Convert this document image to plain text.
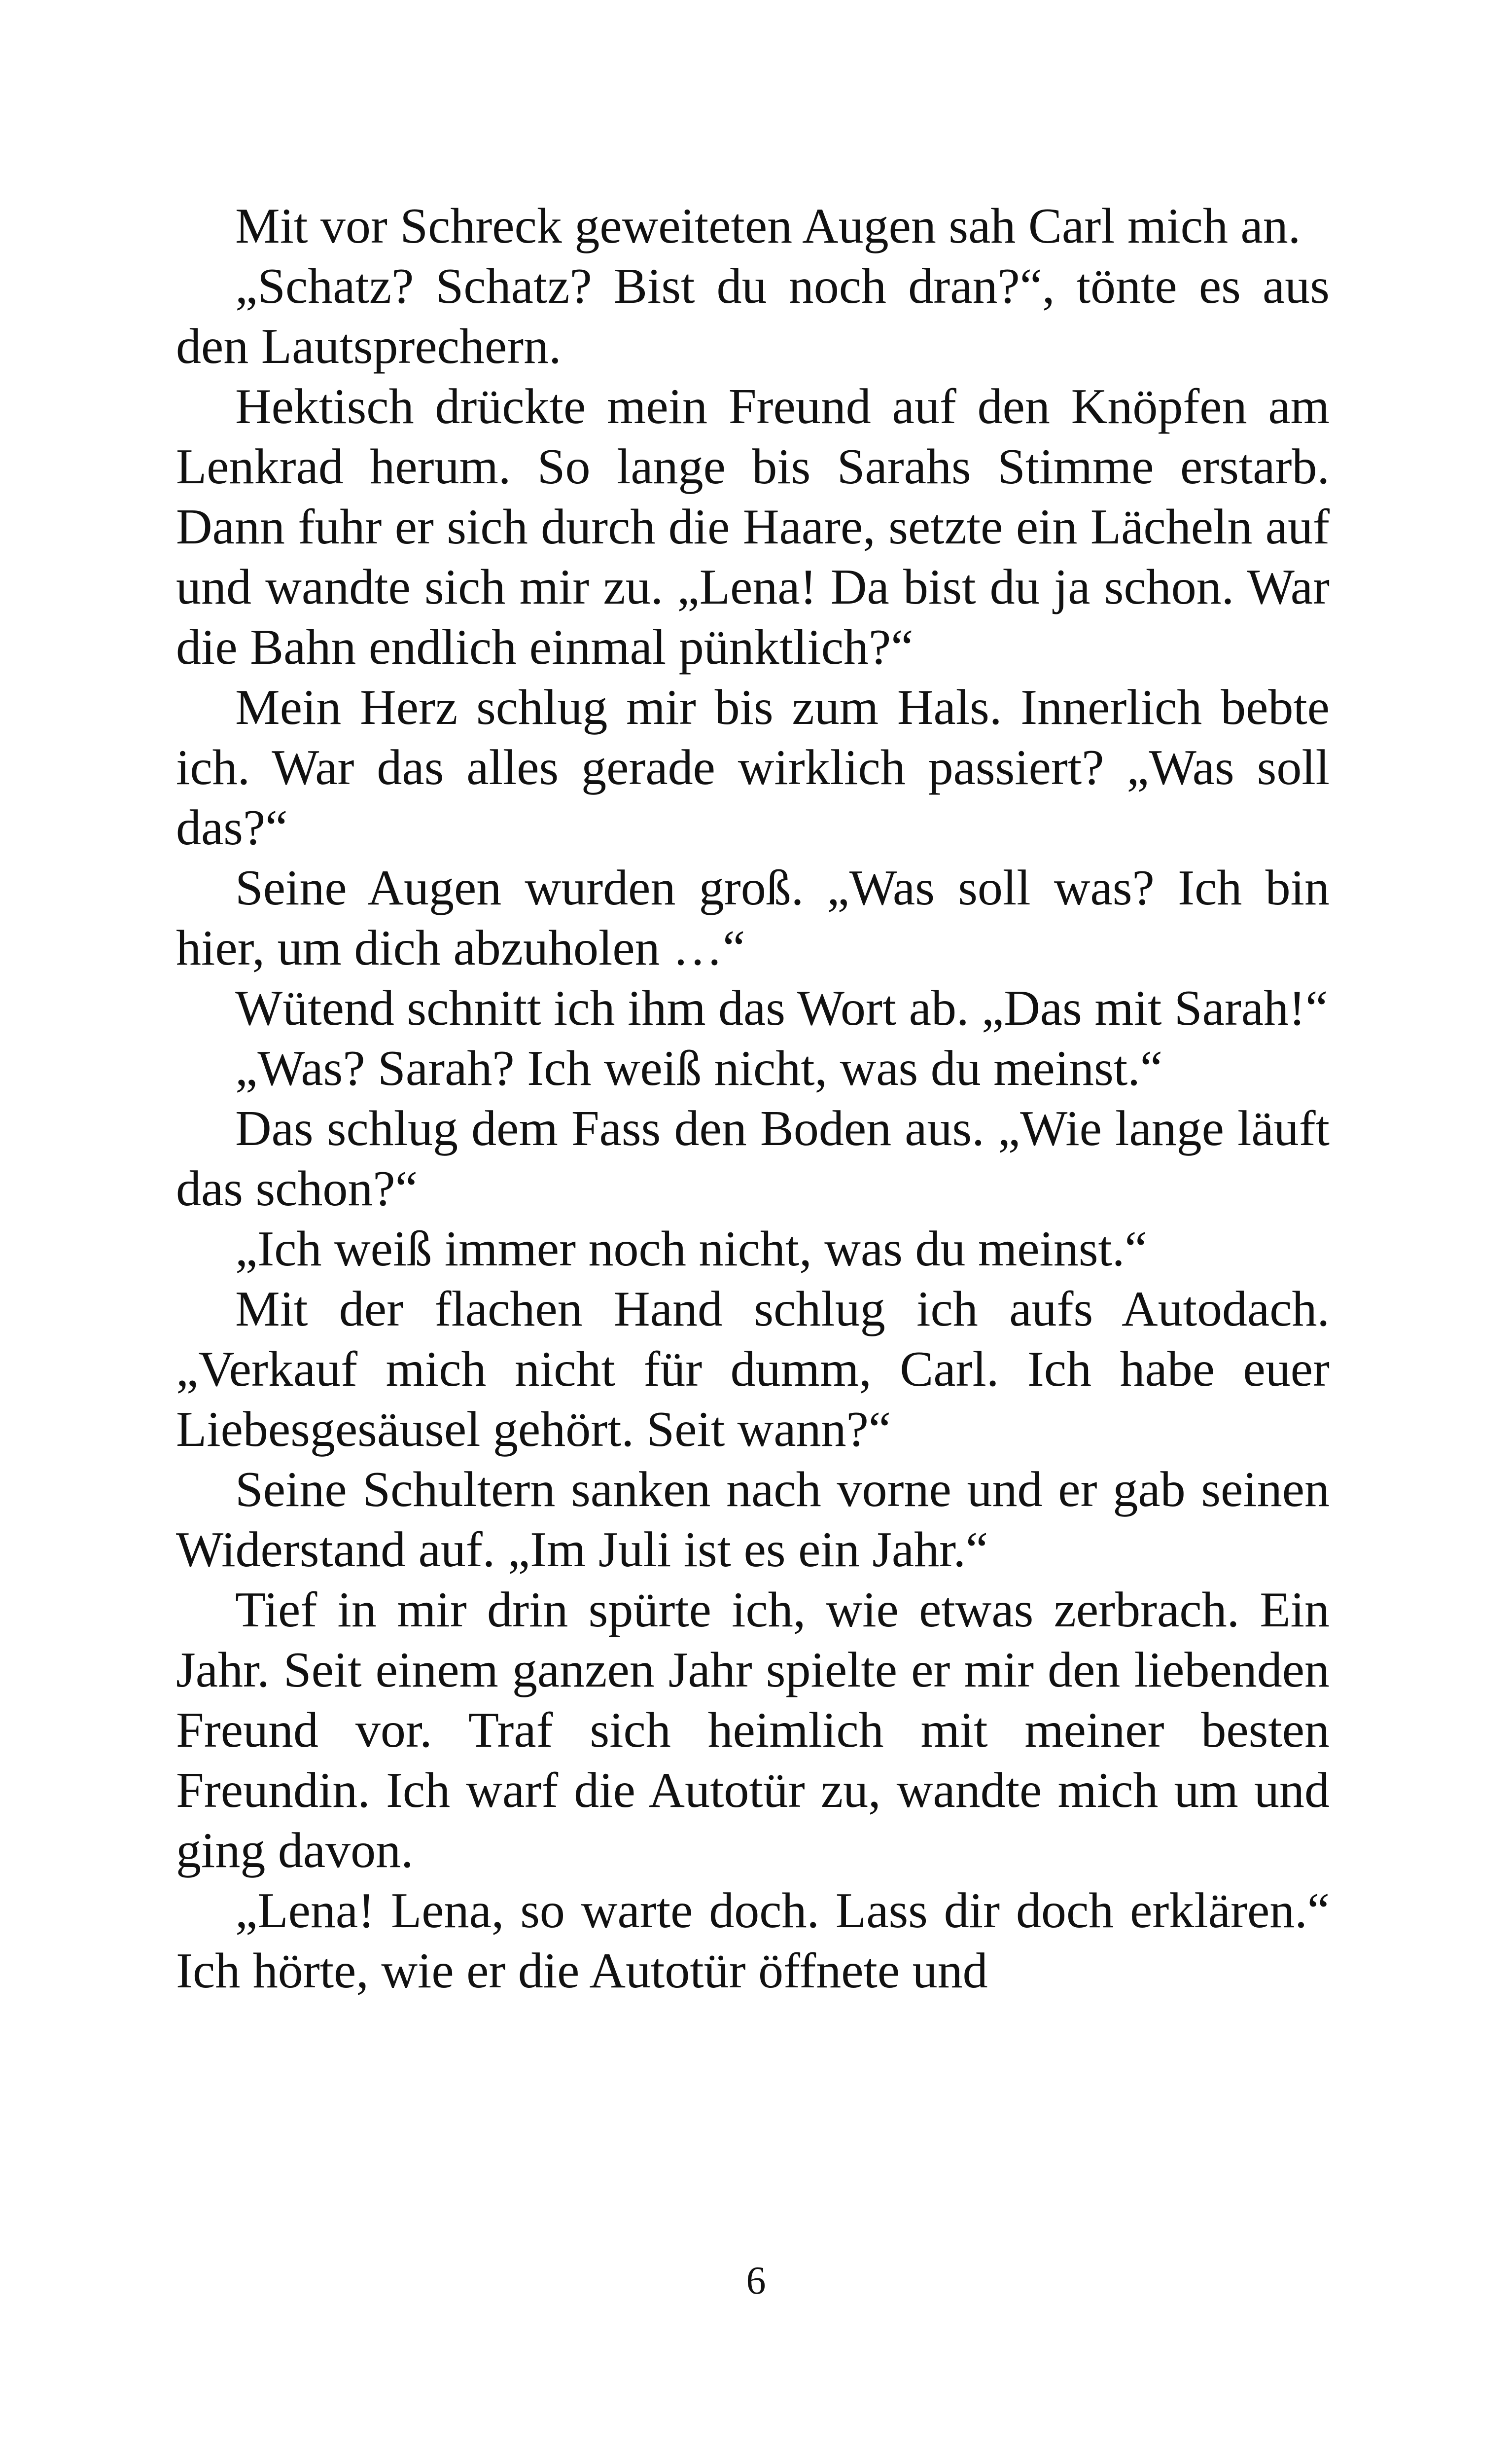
Mit vor Schreck geweiteten Augen sah Carl mich an.

„Schatz? Schatz? Bist du noch dran?“, tönte es aus den Lautsprechern.

Hektisch drückte mein Freund auf den Knöpfen am Lenkrad herum. So lange bis Sarahs Stimme erstarb. Dann fuhr er sich durch die Haare, setzte ein Lächeln auf und wandte sich mir zu. „Lena! Da bist du ja schon. War die Bahn endlich einmal pünktlich?“

Mein Herz schlug mir bis zum Hals. Innerlich bebte ich. War das alles gerade wirklich passiert? „Was soll das?“

Seine Augen wurden groß. „Was soll was? Ich bin hier, um dich abzuholen …“

Wütend schnitt ich ihm das Wort ab. „Das mit Sarah!“

„Was? Sarah? Ich weiß nicht, was du meinst.“

Das schlug dem Fass den Boden aus. „Wie lange läuft das schon?“

„Ich weiß immer noch nicht, was du meinst.“

Mit der flachen Hand schlug ich aufs Autodach. „Verkauf mich nicht für dumm, Carl. Ich habe euer Liebesgesäusel gehört. Seit wann?“

Seine Schultern sanken nach vorne und er gab seinen Widerstand auf. „Im Juli ist es ein Jahr.“

Tief in mir drin spürte ich, wie etwas zerbrach. Ein Jahr. Seit einem ganzen Jahr spielte er mir den liebenden Freund vor. Traf sich heimlich mit meiner besten Freundin. Ich warf die Autotür zu, wandte mich um und ging davon.

„Lena! Lena, so warte doch. Lass dir doch erklären.“ Ich hörte, wie er die Autotür öffnete und

6
